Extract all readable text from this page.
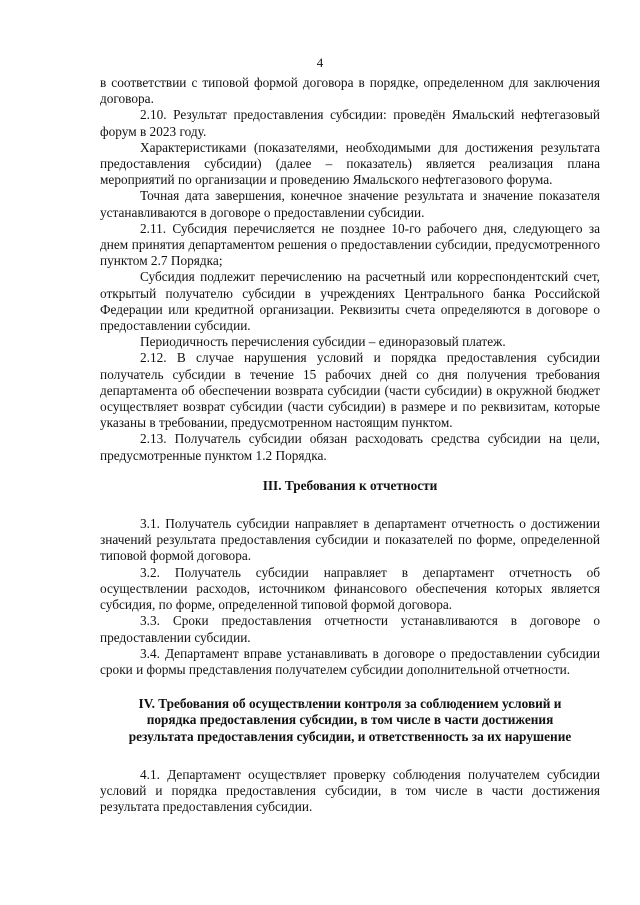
4

в соответствии с типовой формой договора в порядке, определенном для заключения договора.

2.10. Результат предоставления субсидии: проведён Ямальский нефтегазовый форум в 2023 году.

Характеристиками (показателями, необходимыми для достижения результата предоставления субсидии) (далее – показатель) является реализация плана мероприятий по организации и проведению Ямальского нефтегазового форума.

Точная дата завершения, конечное значение результата и значение показателя устанавливаются в договоре о предоставлении субсидии.

2.11. Субсидия перечисляется не позднее 10-го рабочего дня, следующего за днем принятия департаментом решения о предоставлении субсидии, предусмотренного пунктом 2.7 Порядка;

Субсидия подлежит перечислению на расчетный или корреспондентский счет, открытый получателю субсидии в учреждениях Центрального банка Российской Федерации или кредитной организации. Реквизиты счета определяются в договоре о предоставлении субсидии.

Периодичность перечисления субсидии – единоразовый платеж.

2.12. В случае нарушения условий и порядка предоставления субсидии получатель субсидии в течение 15 рабочих дней со дня получения требования департамента об обеспечении возврата субсидии (части субсидии) в окружной бюджет осуществляет возврат субсидии (части субсидии) в размере и по реквизитам, которые указаны в требовании, предусмотренном настоящим пунктом.

2.13. Получатель субсидии обязан расходовать средства субсидии на цели, предусмотренные пунктом 1.2 Порядка.

III. Требования к отчетности

3.1. Получатель субсидии направляет в департамент отчетность о достижении значений результата предоставления субсидии и показателей по форме, определенной типовой формой договора.

3.2. Получатель субсидии направляет в департамент отчетность об осуществлении расходов, источником финансового обеспечения которых является субсидия, по форме, определенной типовой формой договора.

3.3. Сроки предоставления отчетности устанавливаются в договоре о предоставлении субсидии.

3.4. Департамент вправе устанавливать в договоре о предоставлении субсидии сроки и формы представления получателем субсидии дополнительной отчетности.

IV. Требования об осуществлении контроля за соблюдением условий и
порядка предоставления субсидии, в том числе в части достижения
результата предоставления субсидии, и ответственность за их нарушение

4.1. Департамент осуществляет проверку соблюдения получателем субсидии условий и порядка предоставления субсидии, в том числе в части достижения результата предоставления субсидии.
